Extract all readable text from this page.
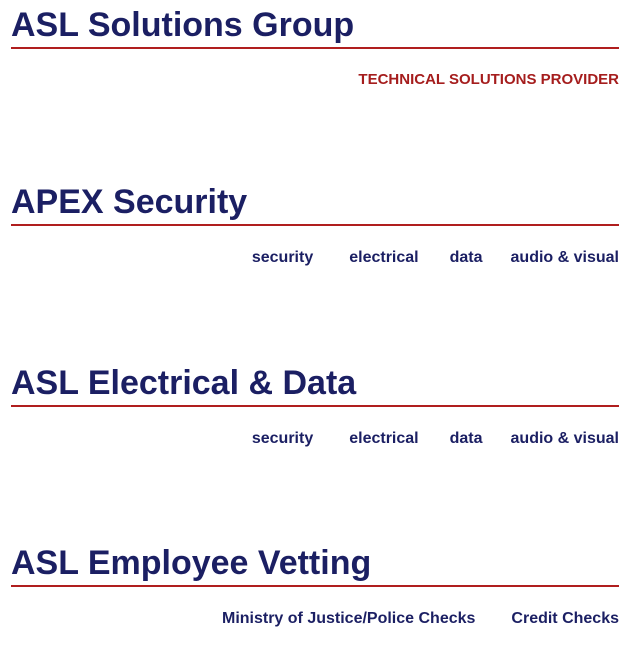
ASL Solutions Group
TECHNICAL SOLUTIONS PROVIDER
APEX Security
security electrical data audio & visual
ASL Electrical & Data
security electrical data audio & visual
ASL Employee Vetting
Ministry of Justice/Police Checks Credit Checks
